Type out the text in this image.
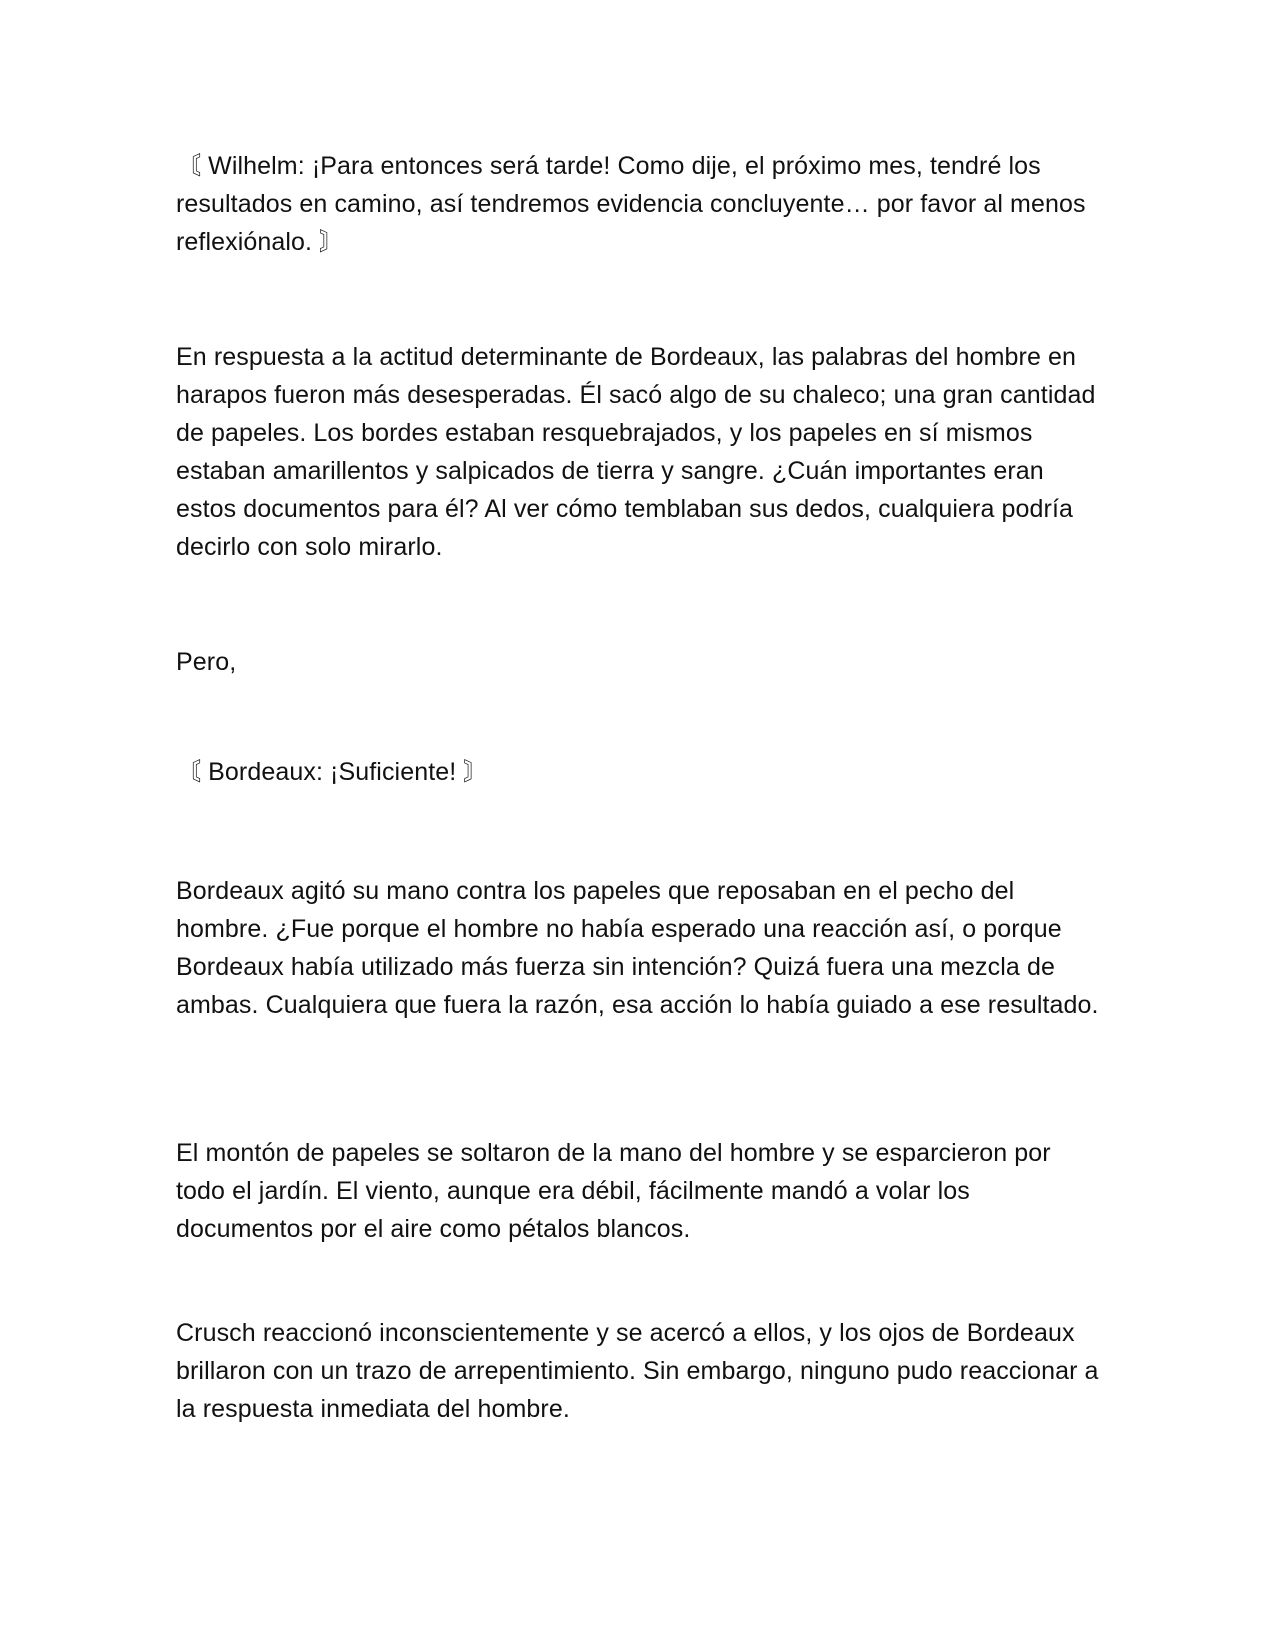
〘 Wilhelm: ¡Para entonces será tarde! Como dije, el próximo mes, tendré los resultados en camino, así tendremos evidencia concluyente… por favor al menos reflexiónalo. 〙

En respuesta a la actitud determinante de Bordeaux, las palabras del hombre en harapos fueron más desesperadas. Él sacó algo de su chaleco; una gran cantidad de papeles. Los bordes estaban resquebrajados, y los papeles en sí mismos estaban amarillentos y salpicados de tierra y sangre. ¿Cuán importantes eran estos documentos para él? Al ver cómo temblaban sus dedos, cualquiera podría decirlo con solo mirarlo.

Pero,

〘 Bordeaux: ¡Suficiente! 〙

Bordeaux agitó su mano contra los papeles que reposaban en el pecho del hombre. ¿Fue porque el hombre no había esperado una reacción así, o porque Bordeaux había utilizado más fuerza sin intención? Quizá fuera una mezcla de ambas. Cualquiera que fuera la razón, esa acción lo había guiado a ese resultado.

El montón de papeles se soltaron de la mano del hombre y se esparcieron por todo el jardín. El viento, aunque era débil, fácilmente mandó a volar los documentos por el aire como pétalos blancos.

Crusch reaccionó inconscientemente y se acercó a ellos, y los ojos de Bordeaux brillaron con un trazo de arrepentimiento. Sin embargo, ninguno pudo reaccionar a la respuesta inmediata del hombre.
